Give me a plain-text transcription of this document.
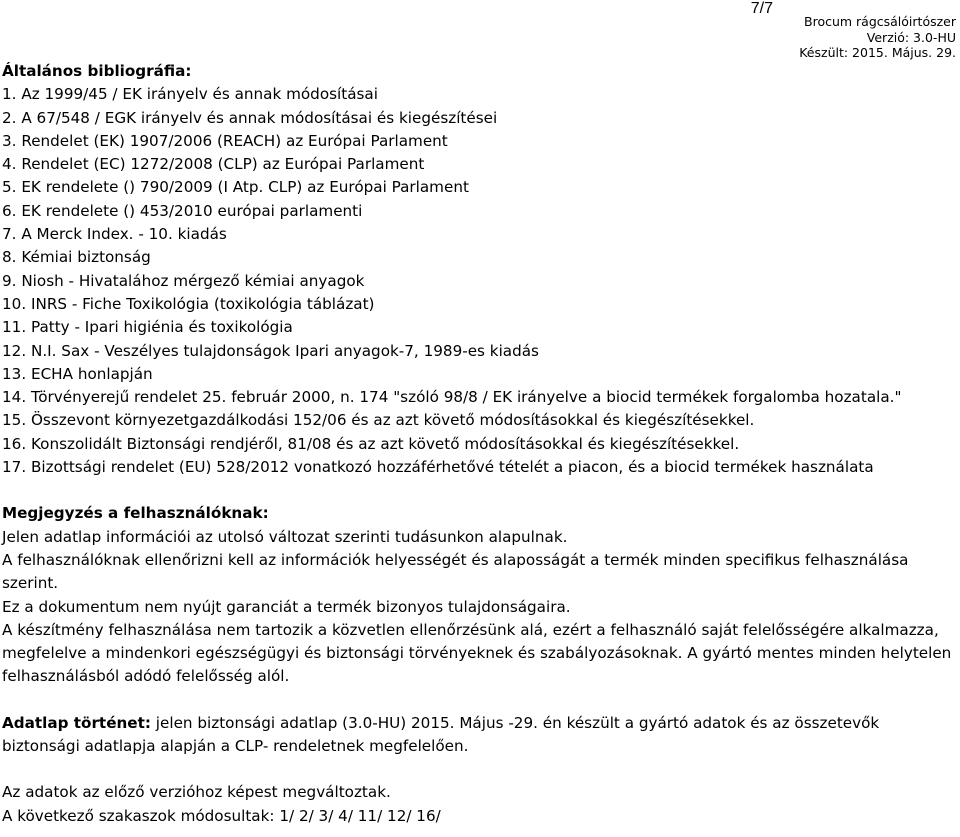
7/7
Brocum rágcsálóirtószer
Verzió: 3.0-HU
Készült: 2015. Május. 29.
Általános bibliográfia:
1. Az 1999/45 / EK irányelv és annak módosításai
2. A 67/548 / EGK irányelv és annak módosításai és kiegészítései
3. Rendelet (EK) 1907/2006 (REACH) az Európai Parlament
4. Rendelet (EC) 1272/2008 (CLP) az Európai Parlament
5. EK rendelete () 790/2009 (I Atp. CLP) az Európai Parlament
6. EK rendelete () 453/2010 európai parlamenti
7. A Merck Index. - 10. kiadás
8. Kémiai biztonság
9. Niosh - Hivatalához mérgező kémiai anyagok
10. INRS - Fiche Toxikológia (toxikológia táblázat)
11. Patty - Ipari higiénia és toxikológia
12. N.I. Sax - Veszélyes tulajdonságok Ipari anyagok-7, 1989-es kiadás
13. ECHA honlapján
14. Törvényerejű rendelet 25. február 2000, n. 174 "szóló 98/8 / EK irányelve a biocid termékek forgalomba hozatala."
15. Összevont környezetgazdálkodási 152/06 és az azt követő módosításokkal és kiegészítésekkel.
16. Konszolidált Biztonsági rendjéről, 81/08 és az azt követő módosításokkal és kiegészítésekkel.
17. Bizottsági rendelet (EU) 528/2012 vonatkozó hozzáférhetővé tételét a piacon, és a biocid termékek használata
Megjegyzés a felhasználóknak:
Jelen adatlap információi az utolsó változat szerinti tudásunkon alapulnak.
A felhasználóknak ellenőrizni kell az információk helyességét és alaposságát a termék minden specifikus felhasználása szerint.
Ez a dokumentum nem nyújt garanciát a termék bizonyos tulajdonságaira.
A készítmény felhasználása nem tartozik a közvetlen ellenőrzésünk alá, ezért a felhasználó saját felelősségére alkalmazza, megfelelve a mindenkori egészségügyi és biztonsági törvényeknek és szabályozásoknak. A gyártó mentes minden helytelen felhasználásból adódó felelősség alól.
Adatlap történet: jelen biztonsági adatlap (3.0-HU) 2015. Május -29. én készült a gyártó adatok és az összetevők biztonsági adatlapja alapján a CLP- rendeletnek megfelelően.
Az adatok az előző verzióhoz képest megváltoztak.
A következő szakaszok módosultak: 1/ 2/ 3/ 4/ 11/ 12/ 16/
